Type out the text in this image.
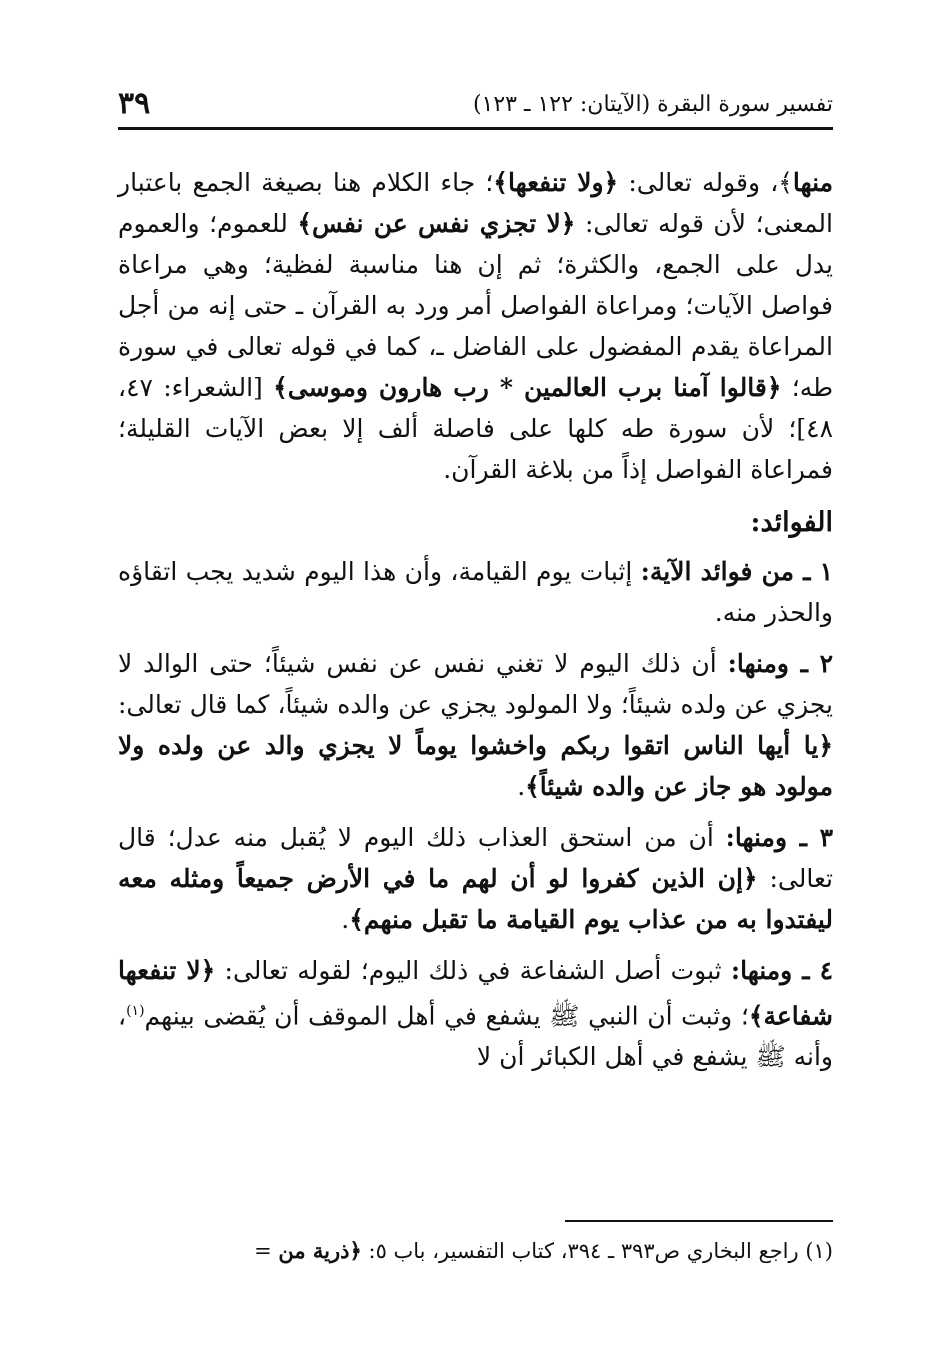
تفسير سورة البقرة (الآيتان: ١٢٢ ـ ١٢٣)
٣٩

منها﴾، وقوله تعالى: ﴿ولا تنفعها﴾؛ جاء الكلام هنا بصيغة الجمع باعتبار المعنى؛ لأن قوله تعالى: ﴿لا تجزي نفس عن نفس﴾ للعموم؛ والعموم يدل على الجمع، والكثرة؛ ثم إن هنا مناسبة لفظية؛ وهي مراعاة فواصل الآيات؛ ومراعاة الفواصل أمر ورد به القرآن ـ حتى إنه من أجل المراعاة يقدم المفضول على الفاضل ـ، كما في قوله تعالى في سورة طه؛ ﴿قالوا آمنا برب العالمين * رب هارون وموسى﴾ [الشعراء: ٤٧، ٤٨]؛ لأن سورة طه كلها على فاصلة ألف إلا بعض الآيات القليلة؛ فمراعاة الفواصل إذاً من بلاغة القرآن.

الفوائد:

١ ـ من فوائد الآية: إثبات يوم القيامة، وأن هذا اليوم شديد يجب اتقاؤه والحذر منه.

٢ ـ ومنها: أن ذلك اليوم لا تغني نفس عن نفس شيئاً؛ حتى الوالد لا يجزي عن ولده شيئاً؛ ولا المولود يجزي عن والده شيئاً، كما قال تعالى: ﴿يا أيها الناس اتقوا ربكم واخشوا يوماً لا يجزي والد عن ولده ولا مولود هو جاز عن والده شيئاً﴾.

٣ ـ ومنها: أن من استحق العذاب ذلك اليوم لا يُقبل منه عدل؛ قال تعالى: ﴿إن الذين كفروا لو أن لهم ما في الأرض جميعاً ومثله معه ليفتدوا به من عذاب يوم القيامة ما تقبل منهم﴾.

٤ ـ ومنها: ثبوت أصل الشفاعة في ذلك اليوم؛ لقوله تعالى: ﴿لا تنفعها شفاعة﴾؛ وثبت أن النبي ﷺ يشفع في أهل الموقف أن يُقضى بينهم$^{(١)}$، وأنه ﷺ يشفع في أهل الكبائر أن لا

(١) راجع البخاري ص٣٩٣ ـ ٣٩٤، كتاب التفسير، باب ٥: ﴿ذرية من =
